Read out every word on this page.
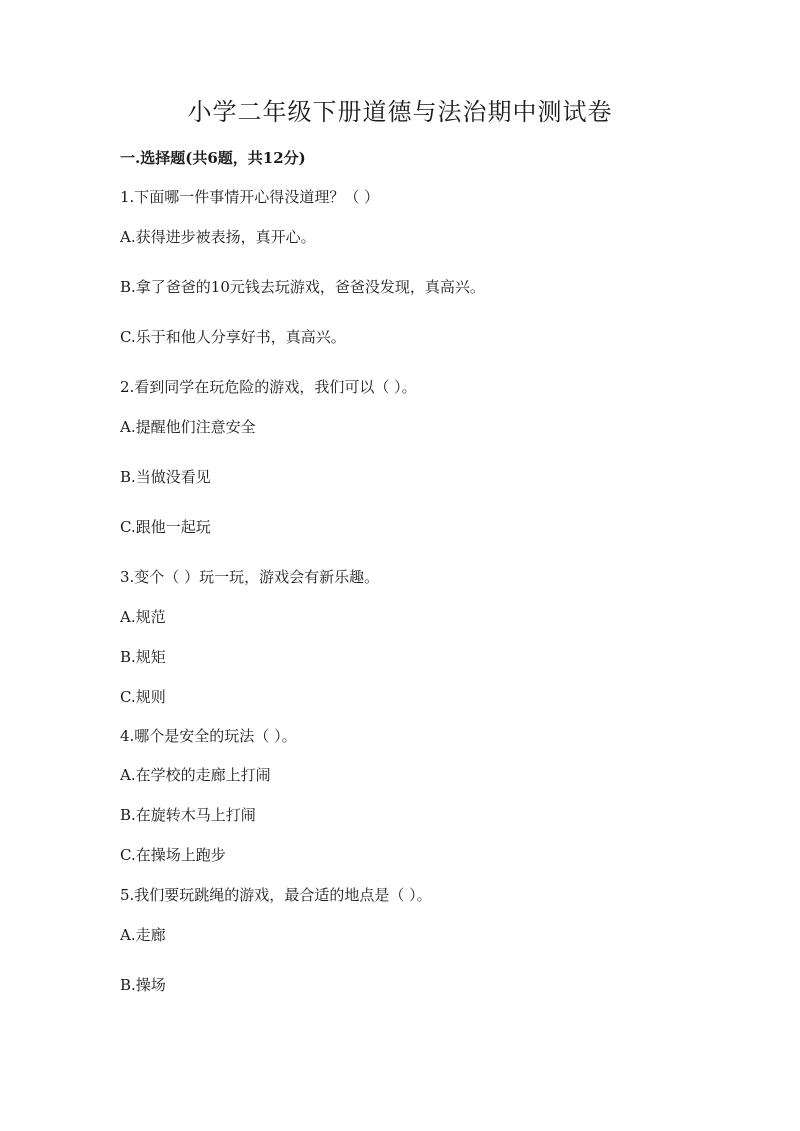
小学二年级下册道德与法治期中测试卷
一.选择题(共6题，共12分)
1.下面哪一件事情开心得没道理？（ ）
A.获得进步被表扬，真开心。
B.拿了爸爸的10元钱去玩游戏，爸爸没发现，真高兴。
C.乐于和他人分享好书，真高兴。
2.看到同学在玩危险的游戏，我们可以（ ）。
A.提醒他们注意安全
B.当做没看见
C.跟他一起玩
3.变个（ ）玩一玩，游戏会有新乐趣。
A.规范
B.规矩
C.规则
4.哪个是安全的玩法（ ）。
A.在学校的走廊上打闹
B.在旋转木马上打闹
C.在操场上跑步
5.我们要玩跳绳的游戏，最合适的地点是（ ）。
A.走廊
B.操场
